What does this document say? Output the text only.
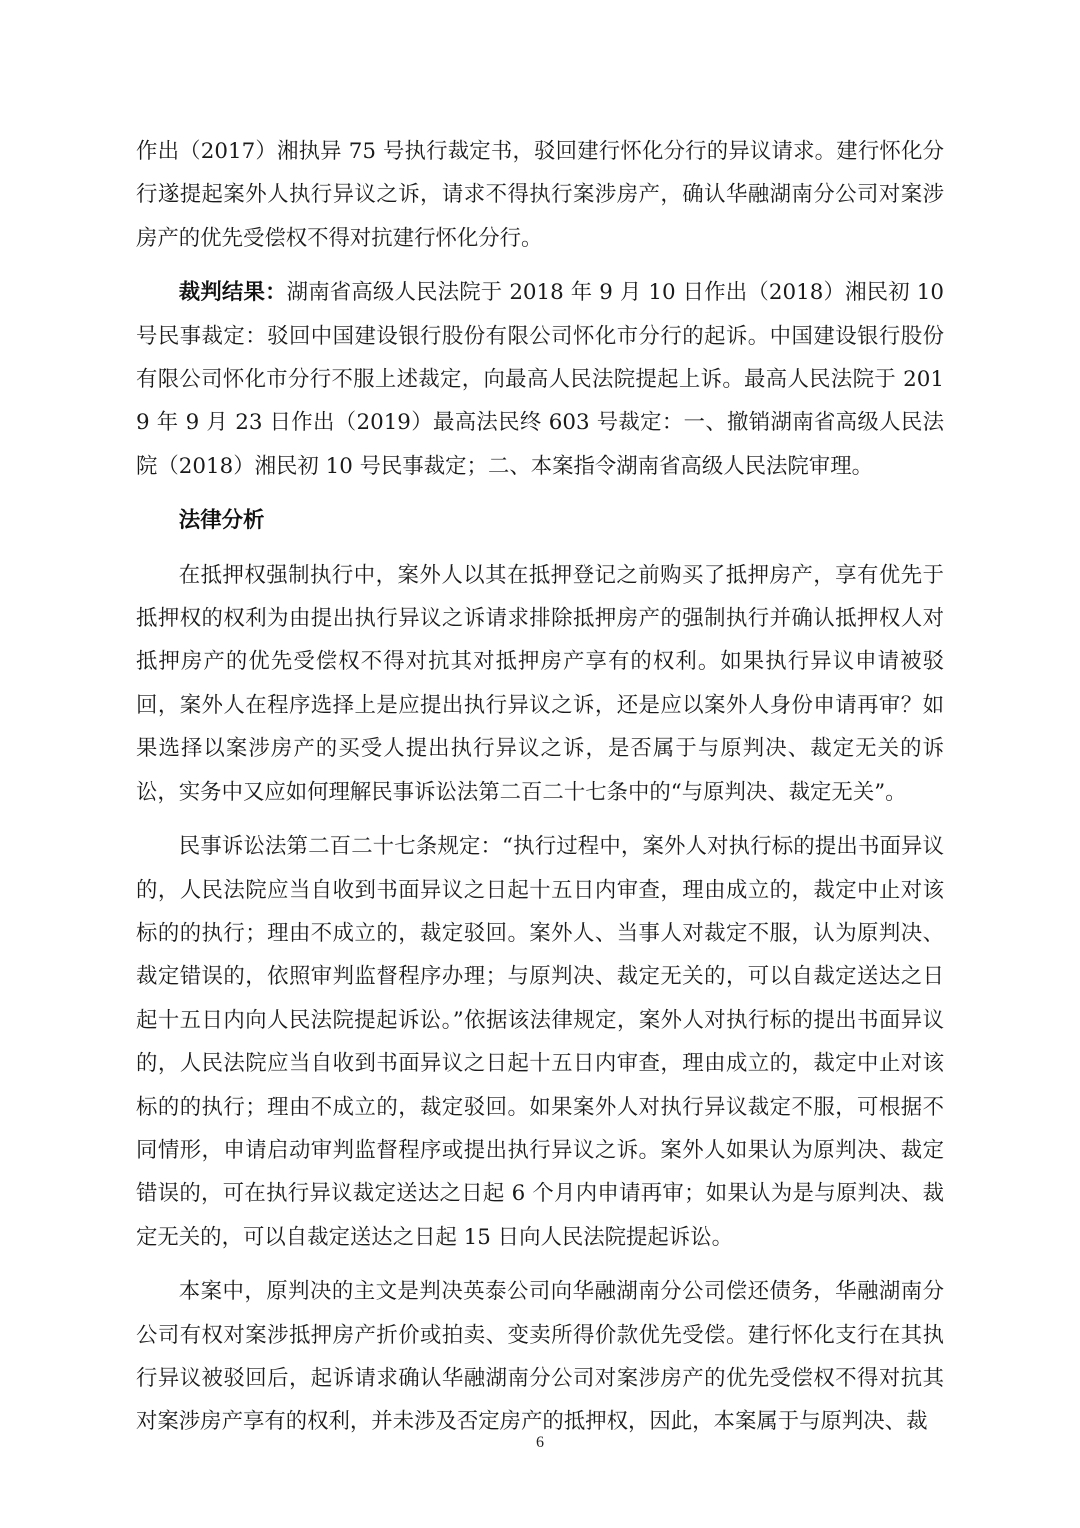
作出（2017）湘执异 75 号执行裁定书，驳回建行怀化分行的异议请求。建行怀化分行遂提起案外人执行异议之诉，请求不得执行案涉房产，确认华融湖南分公司对案涉房产的优先受偿权不得对抗建行怀化分行。

裁判结果：湖南省高级人民法院于 2018 年 9 月 10 日作出（2018）湘民初 10 号民事裁定：驳回中国建设银行股份有限公司怀化市分行的起诉。中国建设银行股份有限公司怀化市分行不服上述裁定，向最高人民法院提起上诉。最高人民法院于 2019 年 9 月 23 日作出（2019）最高法民终 603 号裁定：一、撤销湖南省高级人民法院（2018）湘民初 10 号民事裁定；二、本案指令湖南省高级人民法院审理。

法律分析

在抵押权强制执行中，案外人以其在抵押登记之前购买了抵押房产，享有优先于抵押权的权利为由提出执行异议之诉请求排除抵押房产的强制执行并确认抵押权人对抵押房产的优先受偿权不得对抗其对抵押房产享有的权利。如果执行异议申请被驳回，案外人在程序选择上是应提出执行异议之诉，还是应以案外人身份申请再审？如果选择以案涉房产的买受人提出执行异议之诉，是否属于与原判决、裁定无关的诉讼，实务中又应如何理解民事诉讼法第二百二十七条中的“与原判决、裁定无关”。

民事诉讼法第二百二十七条规定：“执行过程中，案外人对执行标的提出书面异议的，人民法院应当自收到书面异议之日起十五日内审查，理由成立的，裁定中止对该标的的执行；理由不成立的，裁定驳回。案外人、当事人对裁定不服，认为原判决、裁定错误的，依照审判监督程序办理；与原判决、裁定无关的，可以自裁定送达之日起十五日内向人民法院提起诉讼。”依据该法律规定，案外人对执行标的提出书面异议的，人民法院应当自收到书面异议之日起十五日内审查，理由成立的，裁定中止对该标的的执行；理由不成立的，裁定驳回。如果案外人对执行异议裁定不服，可根据不同情形，申请启动审判监督程序或提出执行异议之诉。案外人如果认为原判决、裁定错误的，可在执行异议裁定送达之日起 6 个月内申请再审；如果认为是与原判决、裁定无关的，可以自裁定送达之日起 15 日向人民法院提起诉讼。

本案中，原判决的主文是判决英泰公司向华融湖南分公司偿还债务，华融湖南分公司有权对案涉抵押房产折价或拍卖、变卖所得价款优先受偿。建行怀化支行在其执行异议被驳回后，起诉请求确认华融湖南分公司对案涉房产的优先受偿权不得对抗其对案涉房产享有的权利，并未涉及否定房产的抵押权，因此，本案属于与原判决、裁

6
